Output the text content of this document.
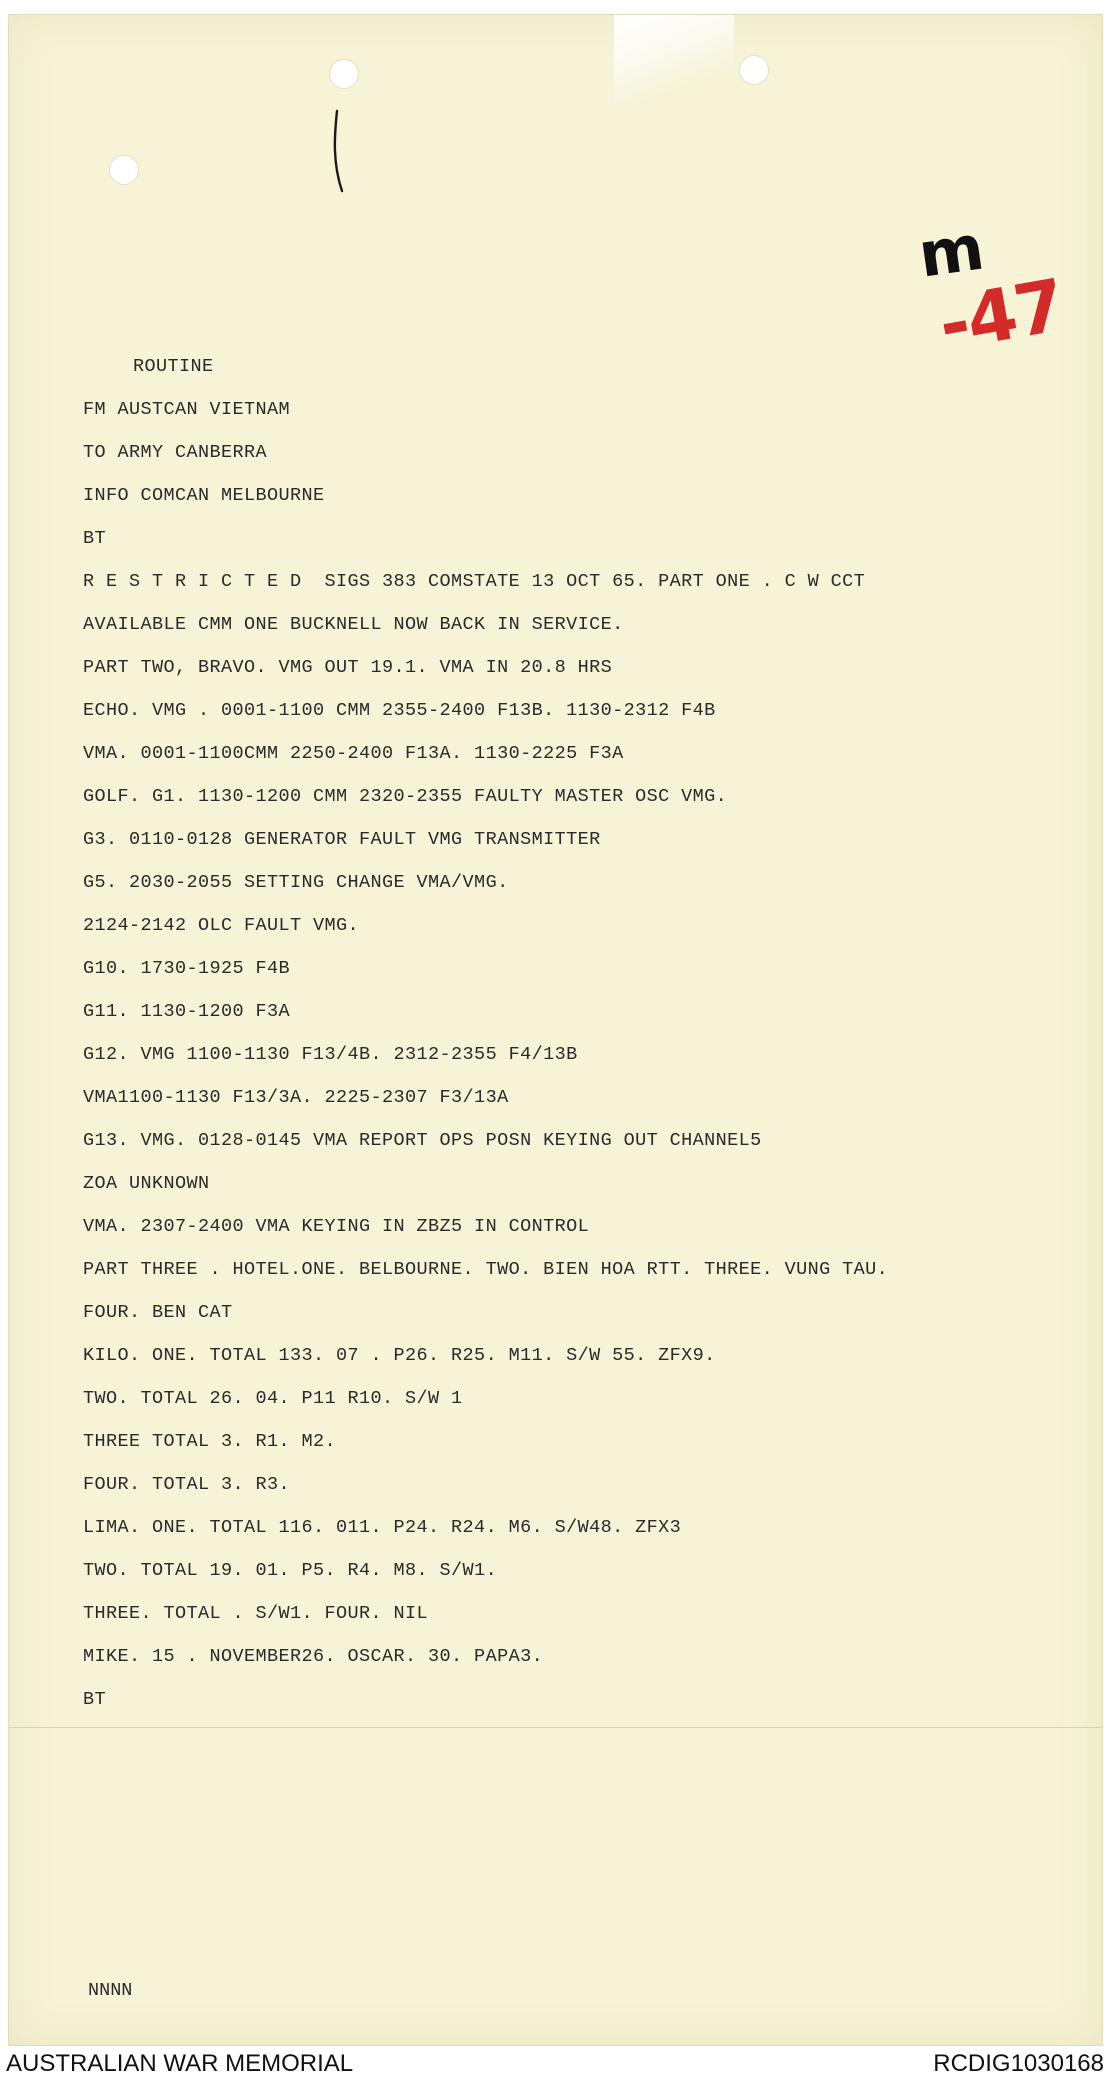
m
-47
ROUTINE
FM AUSTCAN VIETNAM
TO ARMY CANBERRA
INFO COMCAN MELBOURNE
BT
R E S T R I C T E D  SIGS 383 COMSTATE 13 OCT 65. PART ONE . C W CCT
AVAILABLE CMM ONE BUCKNELL NOW BACK IN SERVICE.
PART TWO, BRAVO. VMG OUT 19.1. VMA IN 20.8 HRS
ECHO. VMG . 0001-1100 CMM 2355-2400 F13B. 1130-2312 F4B
VMA. 0001-1100CMM 2250-2400 F13A. 1130-2225 F3A
GOLF. G1. 1130-1200 CMM 2320-2355 FAULTY MASTER OSC VMG.
G3. 0110-0128 GENERATOR FAULT VMG TRANSMITTER
G5. 2030-2055 SETTING CHANGE VMA/VMG.
2124-2142 OLC FAULT VMG.
G10. 1730-1925 F4B
G11. 1130-1200 F3A
G12. VMG 1100-1130 F13/4B. 2312-2355 F4/13B
VMA1100-1130 F13/3A. 2225-2307 F3/13A
G13. VMG. 0128-0145 VMA REPORT OPS POSN KEYING OUT CHANNEL5
ZOA UNKNOWN
VMA. 2307-2400 VMA KEYING IN ZBZ5 IN CONTROL
PART THREE . HOTEL.ONE. BELBOURNE. TWO. BIEN HOA RTT. THREE. VUNG TAU.
FOUR. BEN CAT
KILO. ONE. TOTAL 133. 07 . P26. R25. M11. S/W 55. ZFX9.
TWO. TOTAL 26. 04. P11 R10. S/W 1
THREE TOTAL 3. R1. M2.
FOUR. TOTAL 3. R3.
LIMA. ONE. TOTAL 116. 011. P24. R24. M6. S/W48. ZFX3
TWO. TOTAL 19. 01. P5. R4. M8. S/W1.
THREE. TOTAL . S/W1. FOUR. NIL
MIKE. 15 . NOVEMBER26. OSCAR. 30. PAPA3.
BT
NNNN
AUSTRALIAN WAR MEMORIAL	RCDIG1030168
